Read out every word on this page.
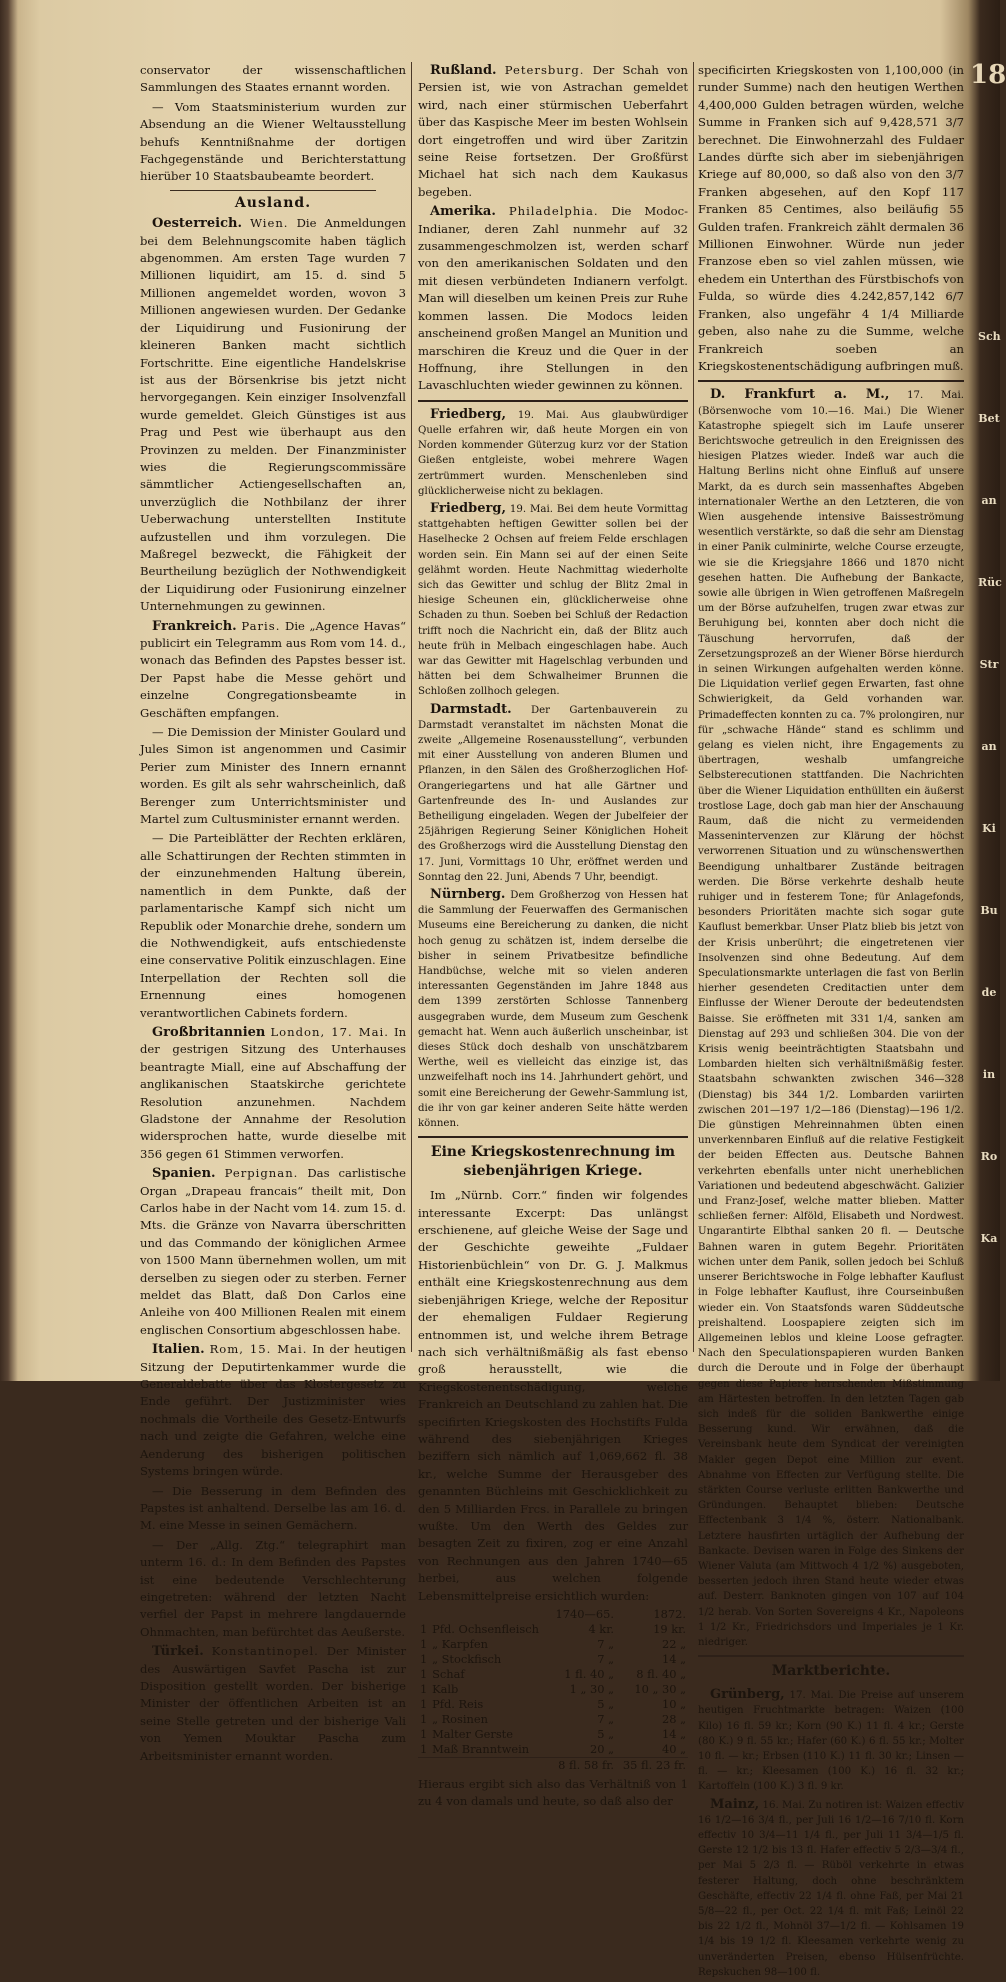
18

conservator der wissenschaftlichen Sammlungen des Staates ernannt worden.

— Vom Staatsministerium wurden zur Absendung an die Wiener Weltausstellung behufs Kenntnißnahme der dortigen Fachgegenstände und Berichterstattung hierüber 10 Staatsbaubeamte beordert.

Ausland.

Oesterreich. Wien. Die Anmeldungen bei dem Belehnungscomite haben täglich abgenommen. Am ersten Tage wurden 7 Millionen liquidirt, am 15. d. sind 5 Millionen angemeldet worden, wovon 3 Millionen angewiesen wurden. Der Gedanke der Liquidirung und Fusionirung der kleineren Banken macht sichtlich Fortschritte. Eine eigentliche Handelskrise ist aus der Börsenkrise bis jetzt nicht hervorgegangen. Kein einziger Insolvenzfall wurde gemeldet. Gleich Günstiges ist aus Prag und Pest wie überhaupt aus den Provinzen zu melden. Der Finanzminister wies die Regierungscommissäre sämmtlicher Actiengesellschaften an, unverzüglich die Nothbilanz der ihrer Ueberwachung unterstellten Institute aufzustellen und ihm vorzulegen. Die Maßregel bezweckt, die Fähigkeit der Beurtheilung bezüglich der Nothwendigkeit der Liquidirung oder Fusionirung einzelner Unternehmungen zu gewinnen.

Frankreich. Paris. Die „Agence Havas“ publicirt ein Telegramm aus Rom vom 14. d., wonach das Befinden des Papstes besser ist. Der Papst habe die Messe gehört und einzelne Congregationsbeamte in Geschäften empfangen.

— Die Demission der Minister Goulard und Jules Simon ist angenommen und Casimir Perier zum Minister des Innern ernannt worden. Es gilt als sehr wahrscheinlich, daß Berenger zum Unterrichtsminister und Martel zum Cultusminister ernannt werden.

— Die Parteiblätter der Rechten erklären, alle Schattirungen der Rechten stimmten in der einzunehmenden Haltung überein, namentlich in dem Punkte, daß der parlamentarische Kampf sich nicht um Republik oder Monarchie drehe, sondern um die Nothwendigkeit, aufs entschiedenste eine conservative Politik einzuschlagen. Eine Interpellation der Rechten soll die Ernennung eines homogenen verantwortlichen Cabinets fordern.

Großbritannien London, 17. Mai. In der gestrigen Sitzung des Unterhauses beantragte Miall, eine auf Abschaffung der anglikanischen Staatskirche gerichtete Resolution anzunehmen. Nachdem Gladstone der Annahme der Resolution widersprochen hatte, wurde dieselbe mit 356 gegen 61 Stimmen verworfen.

Spanien. Perpignan. Das carlistische Organ „Drapeau francais“ theilt mit, Don Carlos habe in der Nacht vom 14. zum 15. d. Mts. die Gränze von Navarra überschritten und das Commando der königlichen Armee von 1500 Mann übernehmen wollen, um mit derselben zu siegen oder zu sterben. Ferner meldet das Blatt, daß Don Carlos eine Anleihe von 400 Millionen Realen mit einem englischen Consortium abgeschlossen habe.

Italien. Rom, 15. Mai. In der heutigen Sitzung der Deputirtenkammer wurde die Generaldebatte über das Klostergesetz zu Ende geführt. Der Justizminister wies nochmals die Vortheile des Gesetz-Entwurfs nach und zeigte die Gefahren, welche eine Aenderung des bisherigen politischen Systems bringen würde.

— Die Besserung in dem Befinden des Papstes ist anhaltend. Derselbe las am 16. d. M. eine Messe in seinen Gemächern.

— Der „Allg. Ztg.“ telegraphirt man unterm 16. d.: In dem Befinden des Papstes ist eine bedeutende Verschlechterung eingetreten: während der letzten Nacht verfiel der Papst in mehrere langdauernde Ohnmachten, man befürchtet das Aeußerste.

Türkei. Konstantinopel. Der Minister des Auswärtigen Savfet Pascha ist zur Disposition gestellt worden. Der bisherige Minister der öffentlichen Arbeiten ist an seine Stelle getreten und der bisherige Vali von Yemen Mouktar Pascha zum Arbeitsminister ernannt worden.

Rußland. Petersburg. Der Schah von Persien ist, wie von Astrachan gemeldet wird, nach einer stürmischen Ueberfahrt über das Kaspische Meer im besten Wohlsein dort eingetroffen und wird über Zaritzin seine Reise fortsetzen. Der Großfürst Michael hat sich nach dem Kaukasus begeben.

Amerika. Philadelphia. Die Modoc-Indianer, deren Zahl nunmehr auf 32 zusammengeschmolzen ist, werden scharf von den amerikanischen Soldaten und den mit diesen verbündeten Indianern verfolgt. Man will dieselben um keinen Preis zur Ruhe kommen lassen. Die Modocs leiden anscheinend großen Mangel an Munition und marschiren die Kreuz und die Quer in der Hoffnung, ihre Stellungen in den Lavaschluchten wieder gewinnen zu können.

Friedberg, 19. Mai. Aus glaubwürdiger Quelle erfahren wir, daß heute Morgen ein von Norden kommender Güterzug kurz vor der Station Gießen entgleiste, wobei mehrere Wagen zertrümmert wurden. Menschenleben sind glücklicherweise nicht zu beklagen.

Friedberg, 19. Mai. Bei dem heute Vormittag stattgehabten heftigen Gewitter sollen bei der Haselhecke 2 Ochsen auf freiem Felde erschlagen worden sein. Ein Mann sei auf der einen Seite gelähmt worden. Heute Nachmittag wiederholte sich das Gewitter und schlug der Blitz 2mal in hiesige Scheunen ein, glücklicherweise ohne Schaden zu thun. Soeben bei Schluß der Redaction trifft noch die Nachricht ein, daß der Blitz auch heute früh in Melbach eingeschlagen habe. Auch war das Gewitter mit Hagelschlag verbunden und hätten bei dem Schwalheimer Brunnen die Schloßen zollhoch gelegen.

Darmstadt. Der Gartenbauverein zu Darmstadt veranstaltet im nächsten Monat die zweite „Allgemeine Rosenausstellung“, verbunden mit einer Ausstellung von anderen Blumen und Pflanzen, in den Sälen des Großherzoglichen Hof-Orangeriegartens und hat alle Gärtner und Gartenfreunde des In- und Auslandes zur Betheiligung eingeladen. Wegen der Jubelfeier der 25jährigen Regierung Seiner Königlichen Hoheit des Großherzogs wird die Ausstellung Dienstag den 17. Juni, Vormittags 10 Uhr, eröffnet werden und Sonntag den 22. Juni, Abends 7 Uhr, beendigt.

Nürnberg. Dem Großherzog von Hessen hat die Sammlung der Feuerwaffen des Germanischen Museums eine Bereicherung zu danken, die nicht hoch genug zu schätzen ist, indem derselbe die bisher in seinem Privatbesitze befindliche Handbüchse, welche mit so vielen anderen interessanten Gegenständen im Jahre 1848 aus dem 1399 zerstörten Schlosse Tannenberg ausgegraben wurde, dem Museum zum Geschenk gemacht hat. Wenn auch äußerlich unscheinbar, ist dieses Stück doch deshalb von unschätzbarem Werthe, weil es vielleicht das einzige ist, das unzweifelhaft noch ins 14. Jahrhundert gehört, und somit eine Bereicherung der Gewehr-Sammlung ist, die ihr von gar keiner anderen Seite hätte werden können.

Eine Kriegskostenrechnung im siebenjährigen Kriege.

Im „Nürnb. Corr.“ finden wir folgendes interessante Excerpt: Das unlängst erschienene, auf gleiche Weise der Sage und der Geschichte geweihte „Fuldaer Historienbüchlein“ von Dr. G. J. Malkmus enthält eine Kriegskostenrechnung aus dem siebenjährigen Kriege, welche der Repositur der ehemaligen Fuldaer Regierung entnommen ist, und welche ihrem Betrage nach sich verhältnißmäßig als fast ebenso groß herausstellt, wie die Kriegskostenentschädigung, welche Frankreich an Deutschland zu zahlen hat. Die specifirten Kriegskosten des Hochstifts Fulda während des siebenjährigen Krieges beziffern sich nämlich auf 1,069,662 fl. 38 kr., welche Summe der Herausgeber des genannten Büchleins mit Geschicklichkeit zu den 5 Milliarden Frcs. in Parallele zu bringen wußte. Um den Werth des Geldes zur besagten Zeit zu fixiren, zog er eine Anzahl von Rechnungen aus den Jahren 1740—65 herbei, aus welchen folgende Lebensmittelpreise ersichtlich wurden:

		1740—65.	1872.
1	Pfd. Ochsenfleisch	4 kr.	19 kr.
1	„ Karpfen	7 „	22 „
1	„ Stockfisch	7 „	14 „
1	Schaf	1 fl. 40 „	8 fl. 40 „
1	Kalb	1 „ 30 „	10 „ 30 „
1	Pfd. Reis	5 „	10 „
1	„ Rosinen	7 „	28 „
1	Malter Gerste	5 „	14 „
1	Maß Branntwein	20 „	40 „
		8 fl. 58 fr.	35 fl. 23 fr.

Hieraus ergibt sich also das Verhältniß von 1 zu 4 von damals und heute, so daß also der

specificirten Kriegskosten von 1,100,000 (in runder Summe) nach den heutigen Werthen 4,400,000 Gulden betragen würden, welche Summe in Franken sich auf 9,428,571 3/7 berechnet. Die Einwohnerzahl des Fuldaer Landes dürfte sich aber im siebenjährigen Kriege auf 80,000, so daß also von den 3/7 Franken abgesehen, auf den Kopf 117 Franken 85 Centimes, also beiläufig 55 Gulden trafen. Frankreich zählt dermalen 36 Millionen Einwohner. Würde nun jeder Franzose eben so viel zahlen müssen, wie ehedem ein Unterthan des Fürstbischofs von Fulda, so würde dies 4.242,857,142 6/7 Franken, also ungefähr 4 1/4 Milliarde geben, also nahe zu die Summe, welche Frankreich soeben an Kriegskostenentschädigung aufbringen muß.

D. Frankfurt a. M., 17. Mai. (Börsenwoche vom 10.—16. Mai.) Die Wiener Katastrophe spiegelt sich im Laufe unserer Berichtswoche getreulich in den Ereignissen des hiesigen Platzes wieder. Indeß war auch die Haltung Berlins nicht ohne Einfluß auf unsere Markt, da es durch sein massenhaftes Abgeben internationaler Werthe an den Letzteren, die von Wien ausgehende intensive Baisseströmung wesentlich verstärkte, so daß die sehr am Dienstag in einer Panik culminirte, welche Course erzeugte, wie sie die Kriegsjahre 1866 und 1870 nicht gesehen hatten. Die Aufhebung der Bankacte, sowie alle übrigen in Wien getroffenen Maßregeln um der Börse aufzuhelfen, trugen zwar etwas zur Beruhigung bei, konnten aber doch nicht die Täuschung hervorrufen, daß der Zersetzungsprozeß an der Wiener Börse hierdurch in seinen Wirkungen aufgehalten werden könne. Die Liquidation verlief gegen Erwarten, fast ohne Schwierigkeit, da Geld vorhanden war. Primadeffecten konnten zu ca. 7% prolongiren, nur für „schwache Hände“ stand es schlimm und gelang es vielen nicht, ihre Engagements zu übertragen, weshalb umfangreiche Selbsterecutionen stattfanden. Die Nachrichten über die Wiener Liquidation enthüllten ein äußerst trostlose Lage, doch gab man hier der Anschauung Raum, daß die nicht zu vermeidenden Massenintervenzen zur Klärung der höchst verworrenen Situation und zu wünschenswerthen Beendigung unhaltbarer Zustände beitragen werden. Die Börse verkehrte deshalb heute ruhiger und in festerem Tone; für Anlagefonds, besonders Prioritäten machte sich sogar gute Kauflust bemerkbar. Unser Platz blieb bis jetzt von der Krisis unberührt; die eingetretenen vier Insolvenzen sind ohne Bedeutung. Auf dem Speculationsmarkte unterlagen die fast von Berlin hierher gesendeten Creditactien unter dem Einflusse der Wiener Deroute der bedeutendsten Baisse. Sie eröffneten mit 331 1/4, sanken am Dienstag auf 293 und schließen 304. Die von der Krisis wenig beeinträchtigten Staatsbahn und Lombarden hielten sich verhältnißmäßig fester. Staatsbahn schwankten zwischen 346—328 (Dienstag) bis 344 1/2. Lombarden variirten zwischen 201—197 1/2—186 (Dienstag)—196 1/2. Die günstigen Mehreinnahmen übten einen unverkennbaren Einfluß auf die relative Festigkeit der beiden Effecten aus. Deutsche Bahnen verkehrten ebenfalls unter nicht unerheblichen Variationen und bedeutend abgeschwächt. Galizier und Franz-Josef, welche matter blieben. Matter schließen ferner: Alföld, Elisabeth und Nordwest. Ungarantirte Elbthal sanken 20 fl. — Deutsche Bahnen waren in gutem Begehr. Prioritäten wichen unter dem Panik, sollen jedoch bei Schluß unserer Berichtswoche in Folge lebhafter Kauflust in Folge lebhafter Kauflust, ihre Courseinbußen wieder ein. Von Staatsfonds waren Süddeutsche preishaltend. Loospapiere zeigten sich im Allgemeinen leblos und kleine Loose gefragter. Nach den Speculationspapieren wurden Banken durch die Deroute und in Folge der überhaupt gegen diese Papiere herrschenden Mißstimmung am Härtesten betroffen. In den letzten Tagen gab sich indeß für die soliden Bankwerthe einige Besserung kund. Wir erwähnen, daß die Vereinsbank heute dem Syndicat der vereinigten Makler gegen Depot eine Million zur event. Abnahme von Effecten zur Verfügung stellte. Die stärkten Course verluste erlitten Bankwerthe und Gründungen. Behauptet blieben: Deutsche Effectenbank 3 1/4 %, österr. Nationalbank. Letztere hausfirten urtäglich der Aufhebung der Bankacte. Devisen waren in Folge des Sinkens der Wiener Valuta (am Mittwoch 4 1/2 %) ausgeboten, besserten jedoch ihren Stand heute wieder etwas auf. Desterr. Banknoten gingen von 107 auf 104 1/2 herab. Von Sorten Sovereigns 4 Kr., Napoleons 1 1/2 Kr., Friedrichsdors und Imperiales je 1 Kr. niedriger.

Marktberichte.

Grünberg, 17. Mai. Die Preise auf unserem heutigen Fruchtmarkte betragen: Waizen (100 Kilo) 16 fl. 59 kr.; Korn (90 K.) 11 fl. 4 kr.; Gerste (80 K.) 9 fl. 55 kr.; Hafer (60 K.) 6 fl. 55 kr.; Molter 10 fl. — kr.; Erbsen (110 K.) 11 fl. 30 kr.; Linsen — fl. — kr.; Kleesamen (100 K.) 16 fl. 32 kr.; Kartoffeln (100 K.) 3 fl. 9 kr.

Mainz, 16. Mai. Zu notiren ist: Waizen effectiv 16 1/2—16 3/4 fl., per Juli 16 1/2—16 7/10 fl. Korn effectiv 10 3/4—11 1/4 fl., per Juli 11 3/4—1/5 fl. Gerste 12 1/2 bis 13 fl. Hafer effectiv 5 2/3—3/4 fl., per Mai 5 2/3 fl. — Rüböl verkehrte in etwas festerer Haltung, doch ohne beschränktem Geschäfte, effectiv 22 1/4 fl. ohne Faß, per Mai 21 5/8—22 fl., per Oct. 22 1/4 fl. mit Faß; Leinöl 22 bis 22 1/2 fl., Mohnöl 37—1/2 fl. — Kohlsamen 19 1/4 bis 19 1/2 fl. Kleesamen verkehrte wenig zu unveränderten Preisen, ebenso Hülsenfrüchte. Repskuchen 98—100 fl.

Sch
Bet
an
Rüc
Str
an
Ki
Bu
de
in
Ro
Ka
